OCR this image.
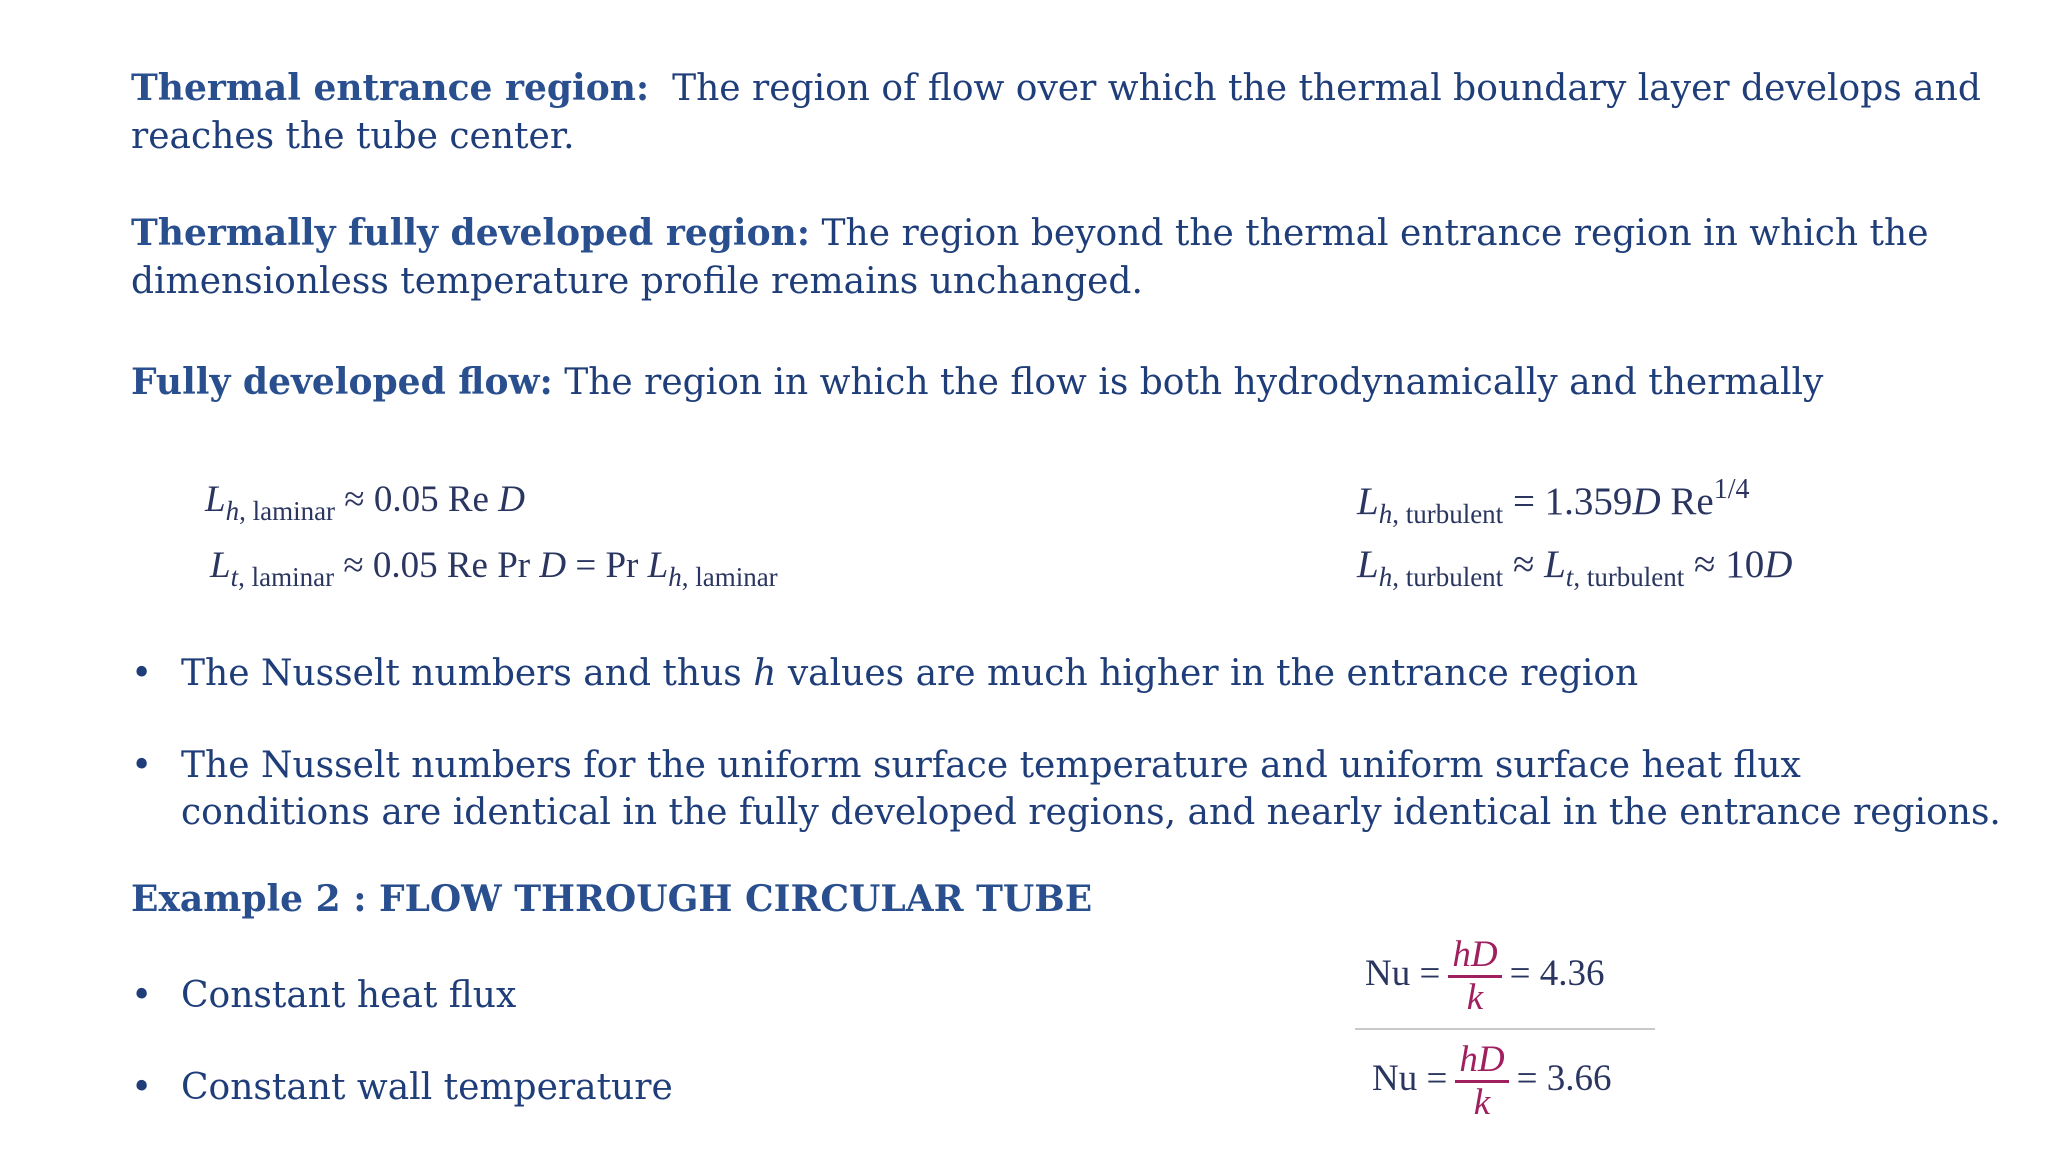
Thermal entrance region: The region of flow over which the thermal boundary layer develops and reaches the tube center.
Thermally fully developed region: The region beyond the thermal entrance region in which the dimensionless temperature profile remains unchanged.
Fully developed flow: The region in which the flow is both hydrodynamically and thermally
$L_{h, laminar} \approx 0.05$ Re D
$L_{t, laminar} \approx 0.05$ Re Pr D = Pr $L_{h, laminar}$
$L_{h, turbulent} = 1.359D$ $Re^{1/4}$
$L_{h, turbulent} \approx L_{t, turbulent} \approx 10D$
• The Nusselt numbers and thus h values are much higher in the entrance region
• The Nusselt numbers for the uniform surface temperature and uniform surface heat flux conditions are identical in the fully developed regions, and nearly identical in the entrance regions.
Example 2 : FLOW THROUGH CIRCULAR TUBE
• Constant heat flux
• Constant wall temperature
$Nu = \frac{hD}{k} = 4.36$
$Nu = \frac{hD}{k} = 3.66$
